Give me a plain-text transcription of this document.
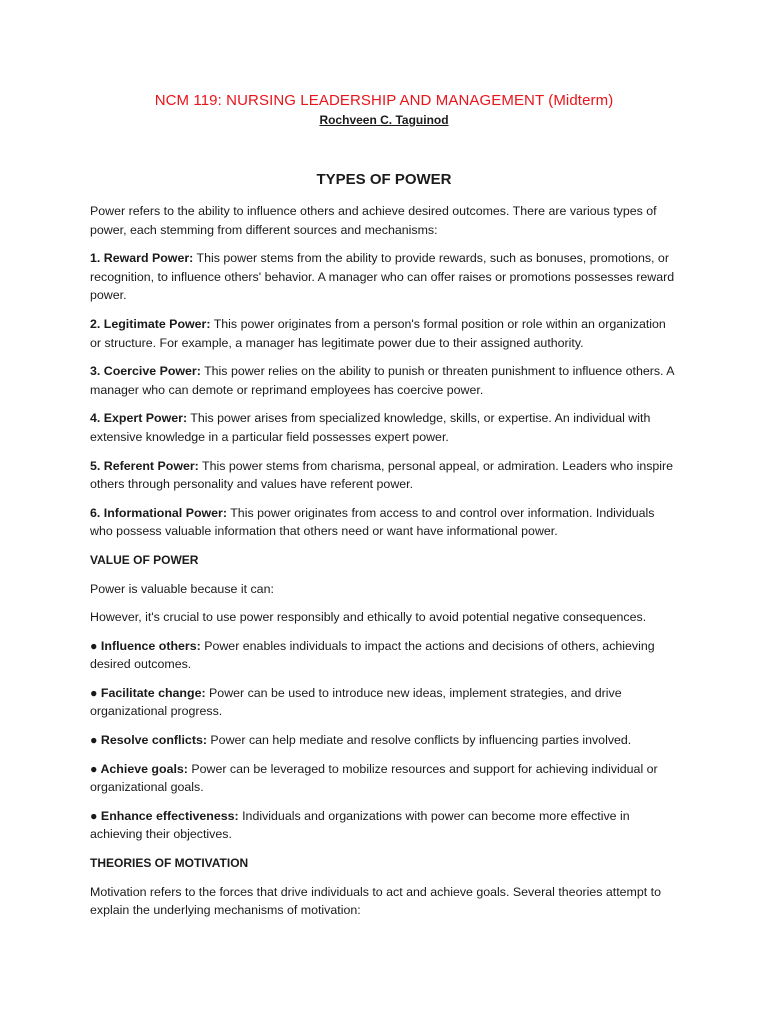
NCM 119: NURSING LEADERSHIP AND MANAGEMENT (Midterm)
Rochveen C. Taguinod
TYPES OF POWER

Power refers to the ability to influence others and achieve desired outcomes. There are various types of power, each stemming from different sources and mechanisms:

1. Reward Power: This power stems from the ability to provide rewards, such as bonuses, promotions, or recognition, to influence others' behavior. A manager who can offer raises or promotions possesses reward power.

2. Legitimate Power: This power originates from a person's formal position or role within an organization or structure. For example, a manager has legitimate power due to their assigned authority.

3. Coercive Power: This power relies on the ability to punish or threaten punishment to influence others. A manager who can demote or reprimand employees has coercive power.

4. Expert Power: This power arises from specialized knowledge, skills, or expertise. An individual with extensive knowledge in a particular field possesses expert power.

5. Referent Power: This power stems from charisma, personal appeal, or admiration. Leaders who inspire others through personality and values have referent power.

6. Informational Power: This power originates from access to and control over information. Individuals who possess valuable information that others need or want have informational power.

VALUE OF POWER

Power is valuable because it can:

However, it's crucial to use power responsibly and ethically to avoid potential negative consequences.

● Influence others: Power enables individuals to impact the actions and decisions of others, achieving desired outcomes.

● Facilitate change: Power can be used to introduce new ideas, implement strategies, and drive organizational progress.

● Resolve conflicts: Power can help mediate and resolve conflicts by influencing parties involved.

● Achieve goals: Power can be leveraged to mobilize resources and support for achieving individual or organizational goals.

● Enhance effectiveness: Individuals and organizations with power can become more effective in achieving their objectives.

THEORIES OF MOTIVATION

Motivation refers to the forces that drive individuals to act and achieve goals. Several theories attempt to explain the underlying mechanisms of motivation:
